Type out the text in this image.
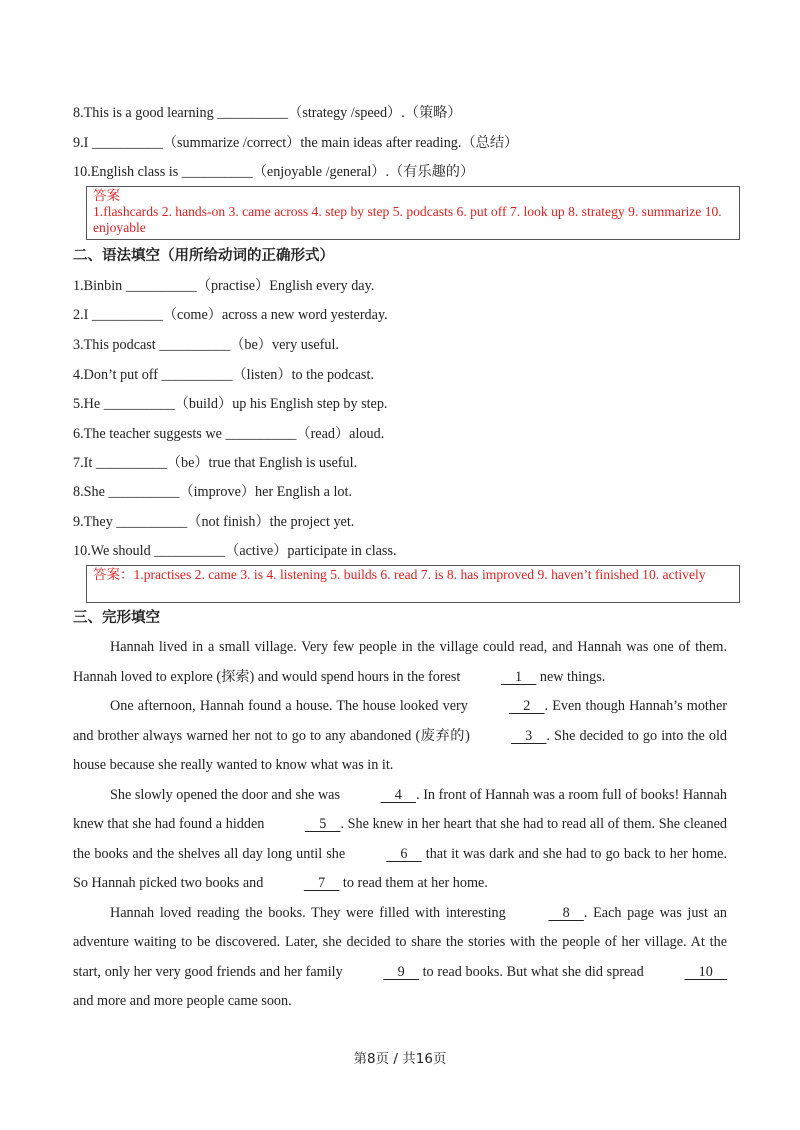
8.This is a good learning __________（strategy /speed）.（策略）
9.I __________（summarize /correct）the main ideas after reading.（总结）
10.English class is __________（enjoyable /general）.（有乐趣的）
答案
1.flashcards 2. hands-on 3. came across 4. step by step 5. podcasts 6. put off 7. look up 8. strategy 9. summarize 10. enjoyable
二、语法填空（用所给动词的正确形式）
1.Binbin __________（practise）English every day.
2.I __________（come）across a new word yesterday.
3.This podcast __________（be）very useful.
4.Don’t put off __________（listen）to the podcast.
5.He __________（build）up his English step by step.
6.The teacher suggests we __________（read）aloud.
7.It __________（be）true that English is useful.
8.She __________（improve）her English a lot.
9.They __________（not finish）the project yet.
10.We should __________（active）participate in class.
答案：1.practises 2. came 3. is 4. listening 5. builds 6. read 7. is 8. has improved 9. haven’t finished 10. actively
三、完形填空

Hannah lived in a small village. Very few people in the village could read, and Hannah was one of them. Hannah loved to explore (探索) and would spend hours in the forest	1     new things.

One afternoon, Hannah found a house. The house looked very	2    . Even though Hannah’s mother and brother always warned her not to go to any abandoned (废弃的)	3    . She decided to go into the old house because she really wanted to know what was in it.

She slowly opened the door and she was	4    . In front of Hannah was a room full of books! Hannah knew that she had found a hidden	5    . She knew in her heart that she had to read all of them. She cleaned the books and the shelves all day long until she	6     that it was dark and she had to go back to her home. So Hannah picked two books and	7     to read them at her home.

Hannah loved reading the books. They were filled with interesting	8    . Each page was just an adventure waiting to be discovered. Later, she decided to share the stories with the people of her village. At the start, only her very good friends and her family	9     to read books. But what she did spread	10     and more and more people came soon.

第8页 / 共16页
